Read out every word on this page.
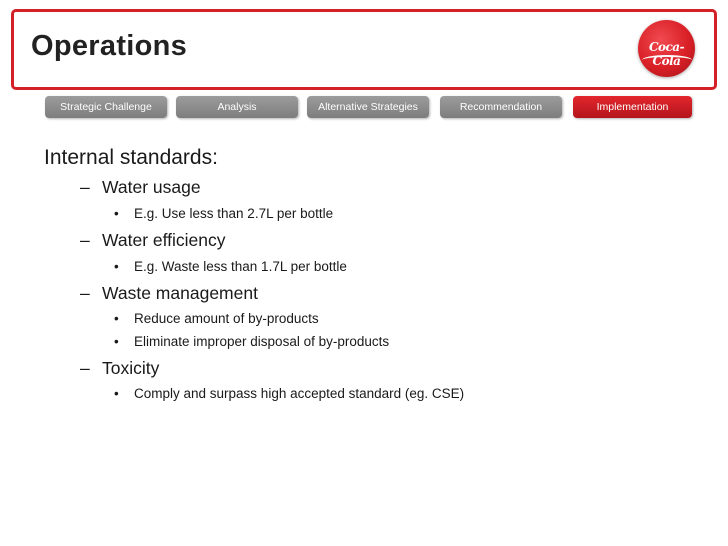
Operations	Coca-Cola
Strategic Challenge	Analysis	Alternative Strategies	Recommendation	Implementation
Internal standards:
– Water usage
• E.g. Use less than 2.7L per bottle
– Water efficiency
• E.g. Waste less than 1.7L per bottle
– Waste management
• Reduce amount of by-products
• Eliminate improper disposal of by-products
– Toxicity
• Comply and surpass high accepted standard (eg. CSE)
